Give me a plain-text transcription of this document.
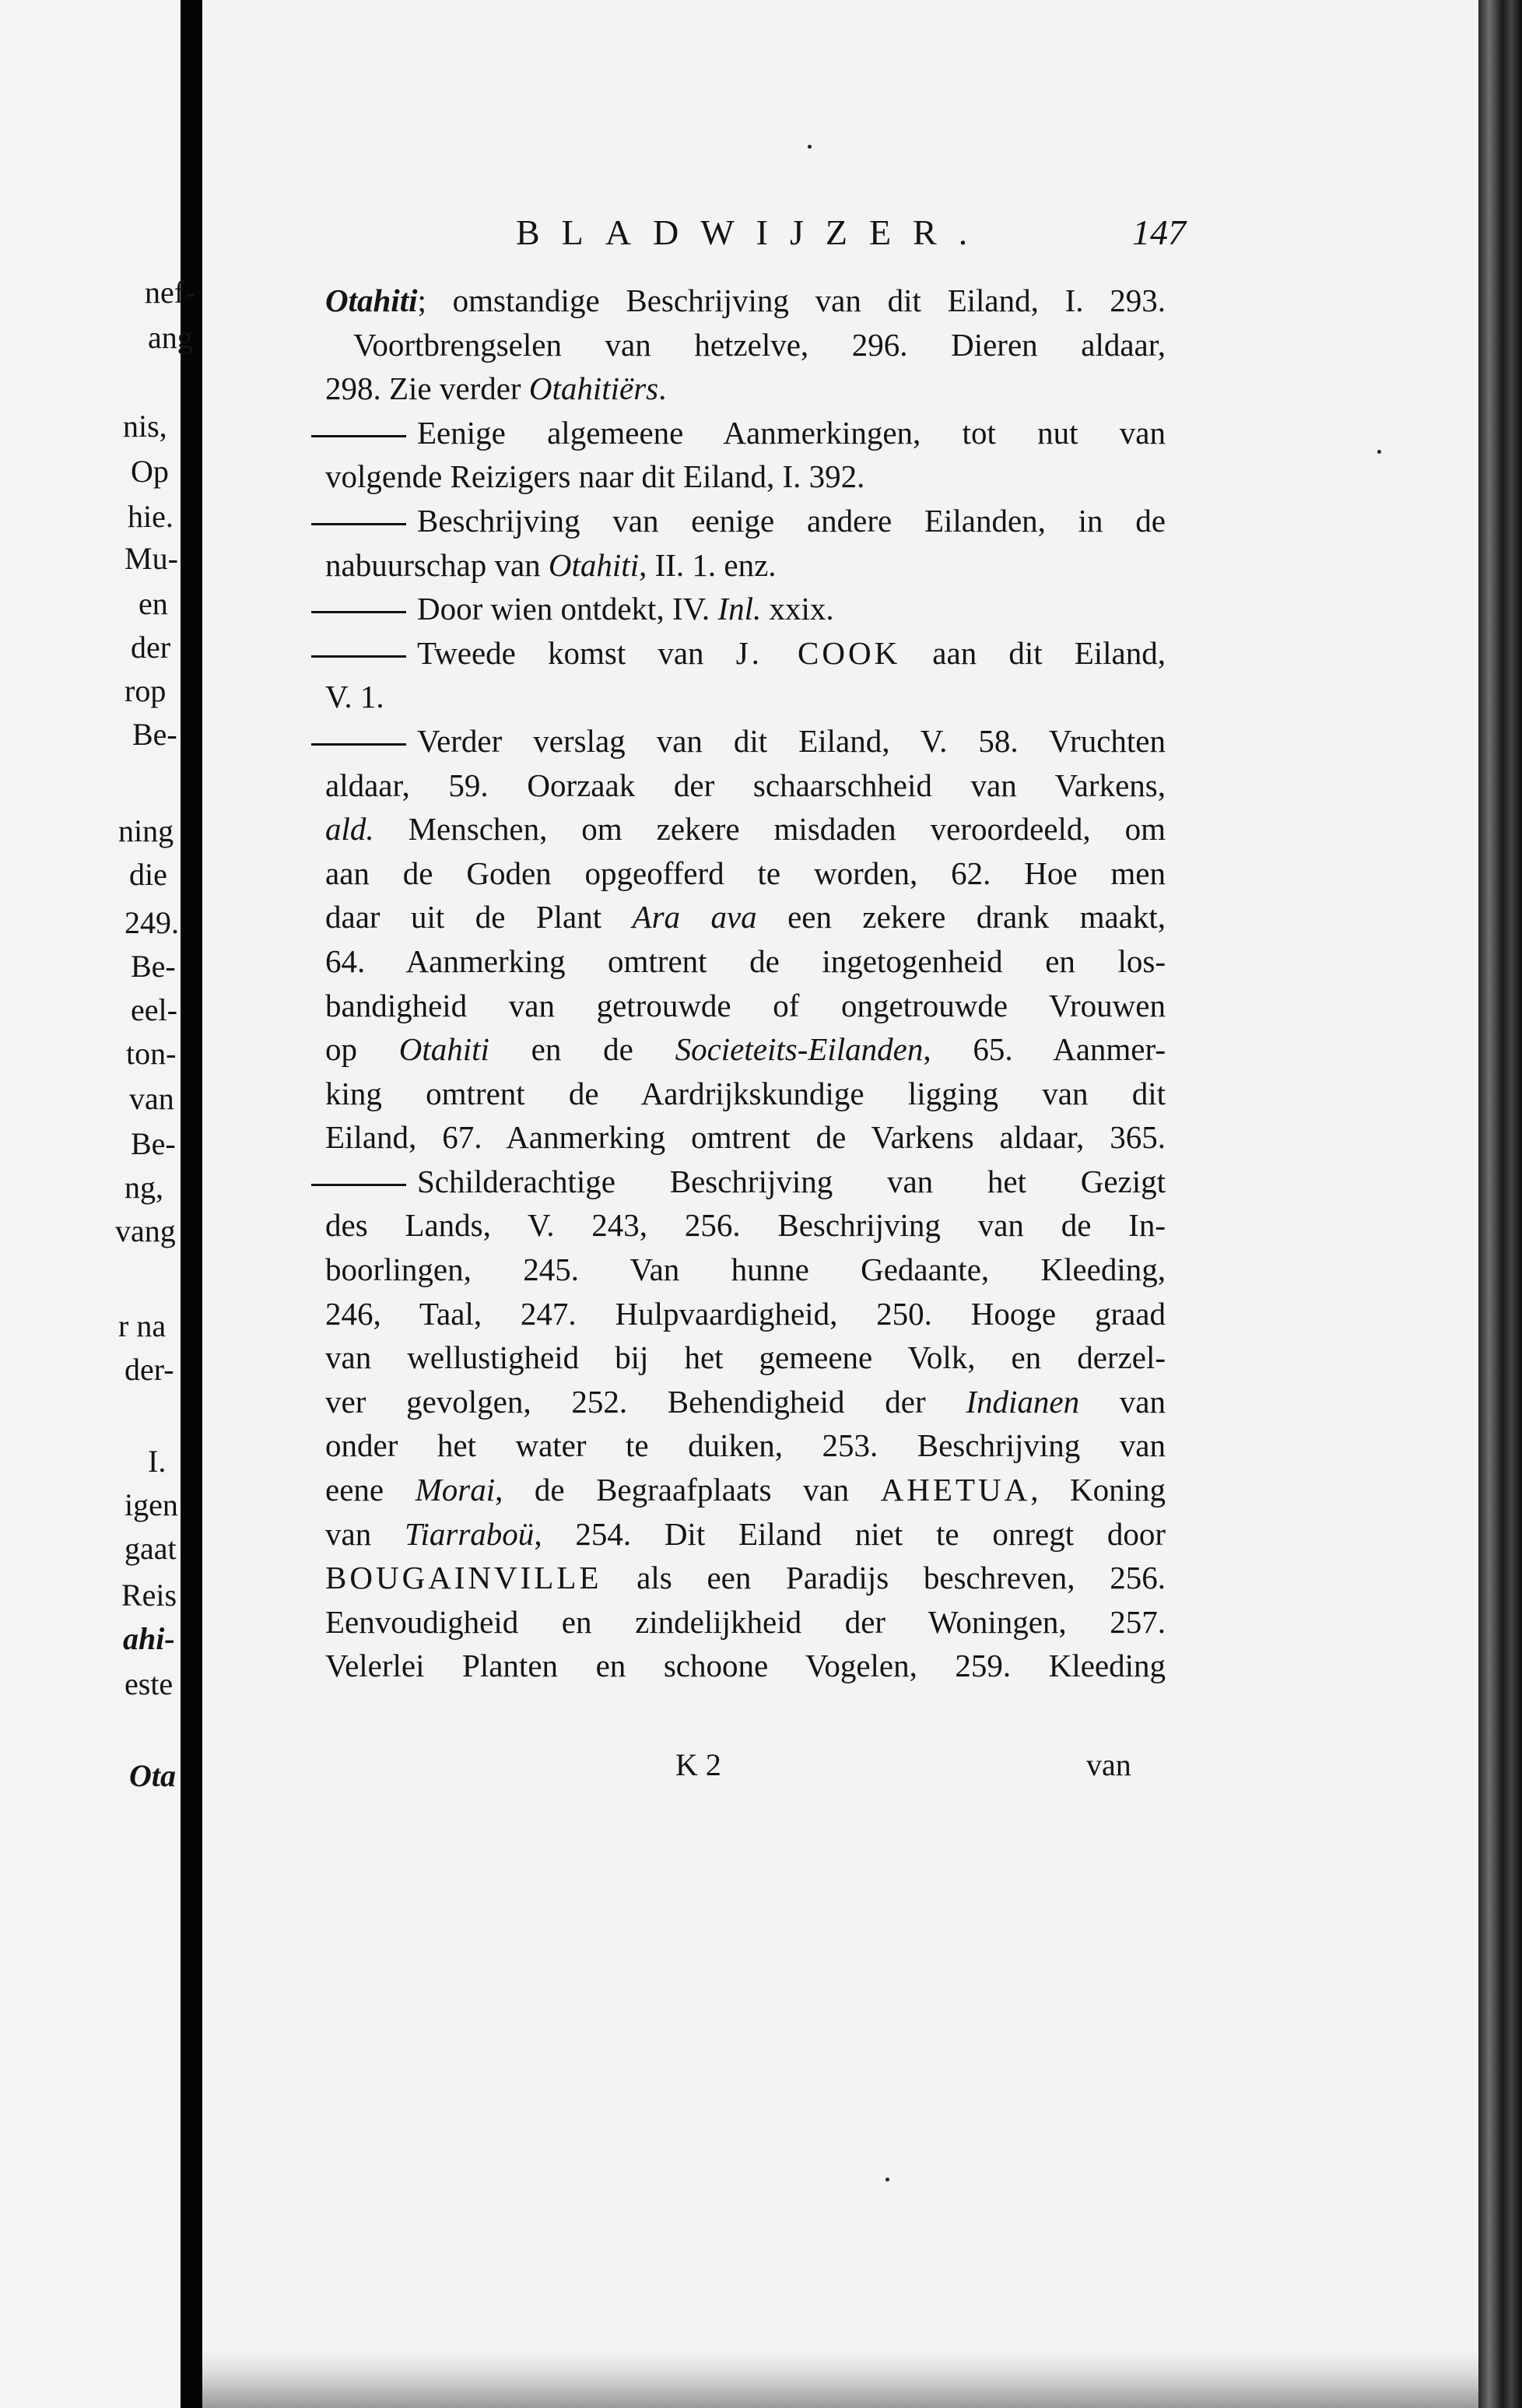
nef-
ang
nis,
Op
hie.
Mu-
en
der
rop
Be-
ning
die
249.
Be-
eel-
ton-
van
Be-
ng,
vang
r na
der-
I.
igen
gaat
Reis
ahi-
este
Ota
BLADWIJZER.	147
Otahiti; omstandige Beschrijving van dit Eiland, I. 293.
Voortbrengselen van hetzelve, 296. Dieren aldaar,
298. Zie verder Otahitiërs.
Eenige algemeene Aanmerkingen, tot nut van
volgende Reizigers naar dit Eiland, I. 392.
Beschrijving van eenige andere Eilanden, in de
nabuurschap van Otahiti, II. 1. enz.
Door wien ontdekt, IV. Inl. xxix.
Tweede komst van J. COOK aan dit Eiland,
V. 1.
Verder verslag van dit Eiland, V. 58. Vruchten
aldaar, 59. Oorzaak der schaarschheid van Varkens,
ald. Menschen, om zekere misdaden veroordeeld, om
aan de Goden opgeofferd te worden, 62. Hoe men
daar uit de Plant Ara ava een zekere drank maakt,
64. Aanmerking omtrent de ingetogenheid en los-
bandigheid van getrouwde of ongetrouwde Vrouwen
op Otahiti en de Societeits-Eilanden, 65. Aanmer-
king omtrent de Aardrijkskundige ligging van dit
Eiland, 67. Aanmerking omtrent de Varkens aldaar, 365.
Schilderachtige Beschrijving van het Gezigt
des Lands, V. 243, 256. Beschrijving van de In-
boorlingen, 245. Van hunne Gedaante, Kleeding,
246, Taal, 247. Hulpvaardigheid, 250. Hooge graad
van wellustigheid bij het gemeene Volk, en derzel-
ver gevolgen, 252. Behendigheid der Indianen van
onder het water te duiken, 253. Beschrijving van
eene Morai, de Begraafplaats van AHETUA, Koning
van Tiarraboü, 254. Dit Eiland niet te onregt door
BOUGAINVILLE als een Paradijs beschreven, 256.
Eenvoudigheid en zindelijkheid der Woningen, 257.
Velerlei Planten en schoone Vogelen, 259. Kleeding
K 2	van
